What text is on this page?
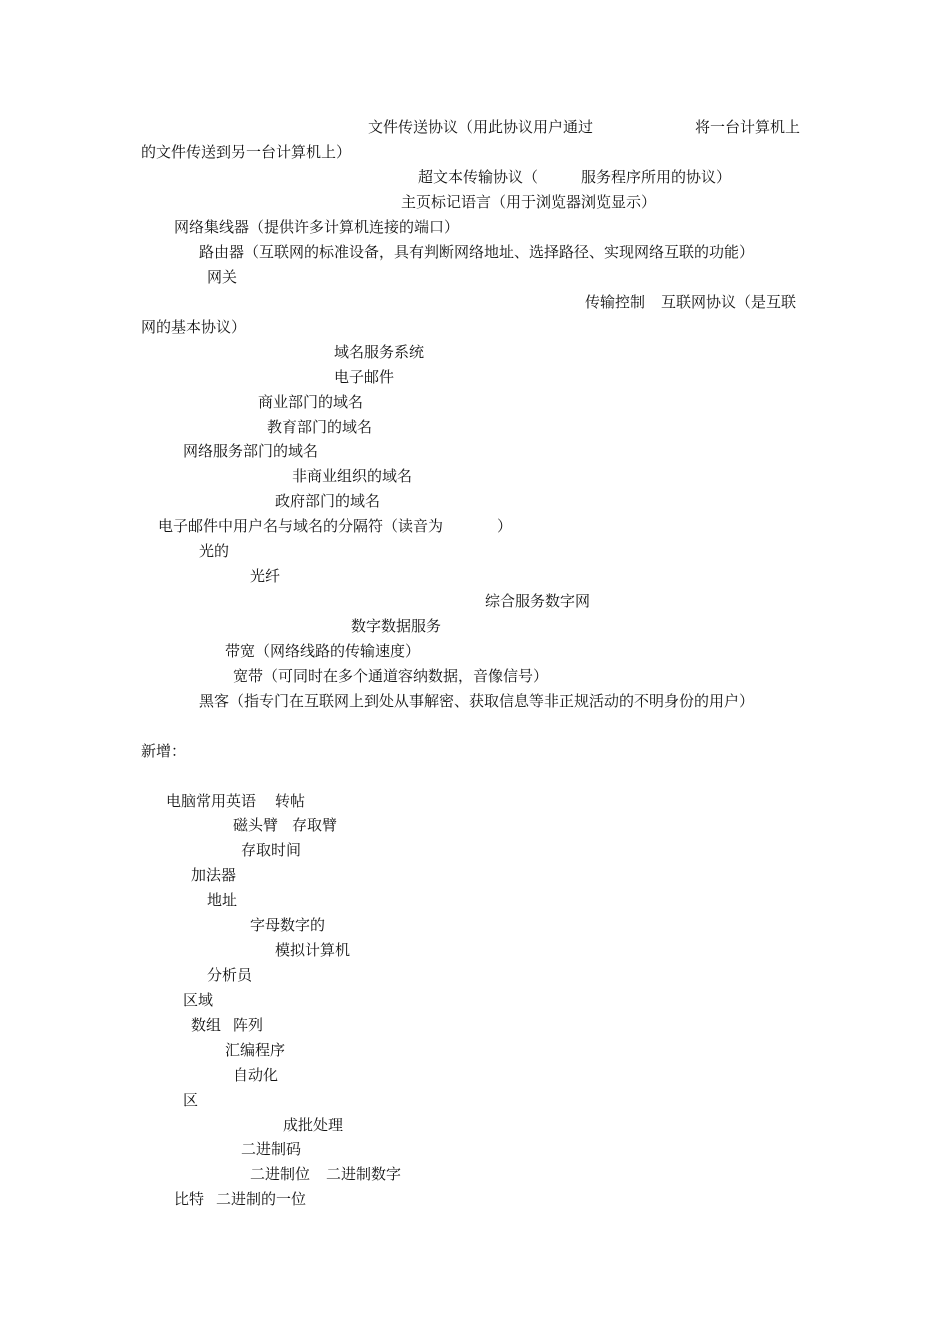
文件传送协议（用此协议用户通过	将一台计算机上
的文件传送到另一台计算机上）
超文本传输协议（	服务程序所用的协议）
主页标记语言（用于浏览器浏览显示）
网络集线器（提供许多计算机连接的端口）
路由器（互联网的标准设备，具有判断网络地址、选择路径、实现网络互联的功能）
网关
传输控制 互联网协议（是互联
网的基本协议）
域名服务系统
电子邮件
商业部门的域名
教育部门的域名
网络服务部门的域名
非商业组织的域名
政府部门的域名
电子邮件中用户名与域名的分隔符（读音为	）
光的
光纤
综合服务数字网
数字数据服务
带宽（网络线路的传输速度）
宽带（可同时在多个通道容纳数据，音像信号）
黑客（指专门在互联网上到处从事解密、获取信息等非正规活动的不明身份的用户）
新增：
电脑常用英语 转帖
磁头臂 存取臂
存取时间
加法器
地址
字母数字的
模拟计算机
分析员
区域
数组 阵列
汇编程序
自动化
区
成批处理
二进制码
二进制位 二进制数字
比特 二进制的一位
